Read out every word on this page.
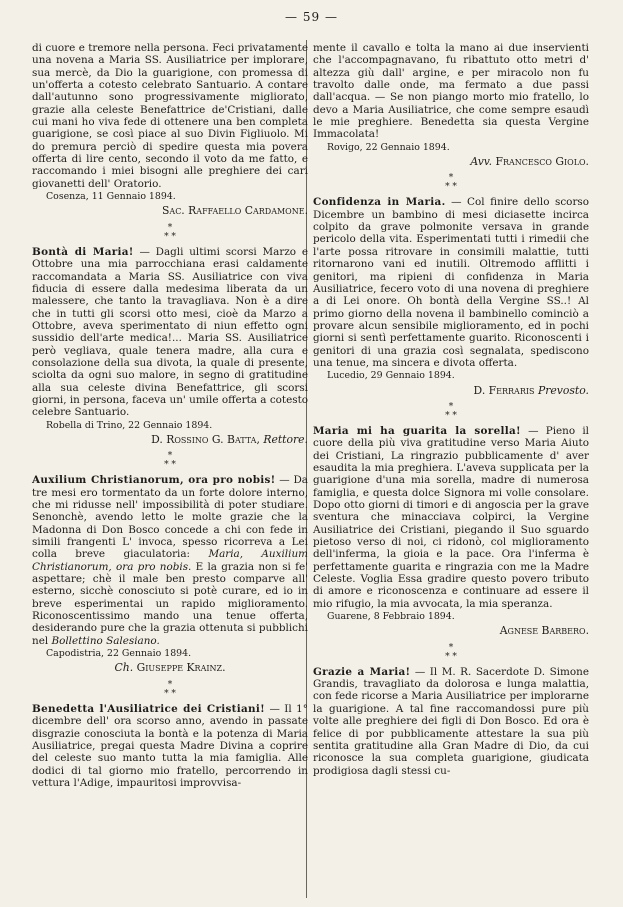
— 59 —

di cuore e tremore nella persona. Feci privatamente una novena a Maria SS. Ausiliatrice per implorare, sua mercè, da Dio la guarigione, con promessa di un'offerta a cotesto celebrato Santuario. A contare dall'autunno sono progressivamente migliorato, grazie alla celeste Benefattrice de'Cristiani, dalle cui mani ho viva fede di ottenere una ben completa guarigione, se così piace al suo Divin Figliuolo. Mi do premura perciò di spedire questa mia povera offerta di lire cento, secondo il voto da me fatto, e raccomando i miei bisogni alle preghiere dei cari giovanetti dell' Oratorio.

Cosenza, 11 Gennaio 1894.
Sac. Raffaello Cardamone.
*
* *

Bontà di Maria! — Dagli ultimi scorsi Marzo e Ottobre una mia parrocchiana erasi caldamente raccomandata a Maria SS. Ausiliatrice con viva fiducia di essere dalla medesima liberata da un malessere, che tanto la travagliava. Non è a dire che in tutti gli scorsi otto mesi, cioè da Marzo a Ottobre, aveva sperimentato di niun effetto ogni sussidio dell'arte medica!... Maria SS. Ausiliatrice però vegliava, quale tenera madre, alla cura e consolazione della sua divota, la quale di presente, sciolta da ogni suo malore, in segno di gratitudine alla sua celeste divina Benefattrice, gli scorsi giorni, in persona, faceva un' umile offerta a cotesto celebre Santuario.

Robella di Trino, 22 Gennaio 1894.
D. Rossino G. Batta, Rettore.
*
* *

Auxilium Christianorum, ora pro nobis! — Da tre mesi ero tormentato da un forte dolore interno, che mi ridusse nell' impossibilità di poter studiare. Senonchè, avendo letto le molte grazie che la Madonna di Don Bosco concede a chi con fede in simili frangenti L' invoca, spesso ricorreva a Lei colla breve giaculatoria: Maria, Auxilium Christianorum, ora pro nobis. E la grazia non si fe' aspettare; chè il male ben presto comparve all' esterno, sicchè conosciuto si potè curare, ed io in breve esperimentai un rapido miglioramento. Riconoscentissimo mando una tenue offerta, desiderando pure che la grazia ottenuta si pubblichi nel Bollettino Salesiano.

Capodistria, 22 Gennaio 1894.
Ch. Giuseppe Krainz.
*
* *

Benedetta l'Ausiliatrice dei Cristiani! — Il 1° dicembre dell' ora scorso anno, avendo in passate disgrazie conosciuta la bontà e la potenza di Maria Ausiliatrice, pregai questa Madre Divina a coprire del celeste suo manto tutta la mia famiglia. Alle dodici di tal giorno mio fratello, percorrendo in vettura l'Adige, impauritosi improvvisa-

mente il cavallo e tolta la mano ai due inservienti che l'accompagnavano, fu ribattuto otto metri d' altezza giù dall' argine, e per miracolo non fu travolto dalle onde, ma fermato a due passi dall'acqua. — Se non piango morto mio fratello, lo devo a Maria Ausiliatrice, che come sempre esaudì le mie preghiere. Benedetta sia questa Vergine Immacolata!

Rovigo, 22 Gennaio 1894.
Avv. Francesco Giolo.
*
* *

Confidenza in Maria. — Col finire dello scorso Dicembre un bambino di mesi diciasette incirca colpito da grave polmonite versava in grande pericolo della vita. Esperimentati tutti i rimedii che l'arte possa ritrovare in consimili malattie, tutti ritornarono vani ed inutili. Oltremodo afflitti i genitori, ma ripieni di confidenza in Maria Ausiliatrice, fecero voto di una novena di preghiere a di Lei onore. Oh bontà della Vergine SS..! Al primo giorno della novena il bambinello cominciò a provare alcun sensibile miglioramento, ed in pochi giorni si sentì perfettamente guarito. Riconoscenti i genitori di una grazia così segnalata, spediscono una tenue, ma sincera e divota offerta.

Lucedio, 29 Gennaio 1894.
D. Ferraris Prevosto.
*
* *

Maria mi ha guarita la sorella! — Pieno il cuore della più viva gratitudine verso Maria Aiuto dei Cristiani, La ringrazio pubblicamente d' aver esaudita la mia preghiera. L'aveva supplicata per la guarigione d'una mia sorella, madre di numerosa famiglia, e questa dolce Signora mi volle consolare. Dopo otto giorni di timori e di angoscia per la grave sventura che minacciava colpirci, la Vergine Ausiliatrice dei Cristiani, piegando il Suo sguardo pietoso verso di noi, ci ridonò, col miglioramento dell'inferma, la gioia e la pace. Ora l'inferma è perfettamente guarita e ringrazia con me la Madre Celeste. Voglia Essa gradire questo povero tributo di amore e riconoscenza e continuare ad essere il mio rifugio, la mia avvocata, la mia speranza.

Guarene, 8 Febbraio 1894.
Agnese Barbero.
*
* *

Grazie a Maria! — Il M. R. Sacerdote D. Simone Grandis, travagliato da dolorosa e lunga malattia, con fede ricorse a Maria Ausiliatrice per implorarne la guarigione. A tal fine raccomandossi pure più volte alle preghiere dei figli di Don Bosco. Ed ora è felice di por pubblicamente attestare la sua più sentita gratitudine alla Gran Madre di Dio, da cui riconosce la sua completa guarigione, giudicata prodigiosa dagli stessi cu-
